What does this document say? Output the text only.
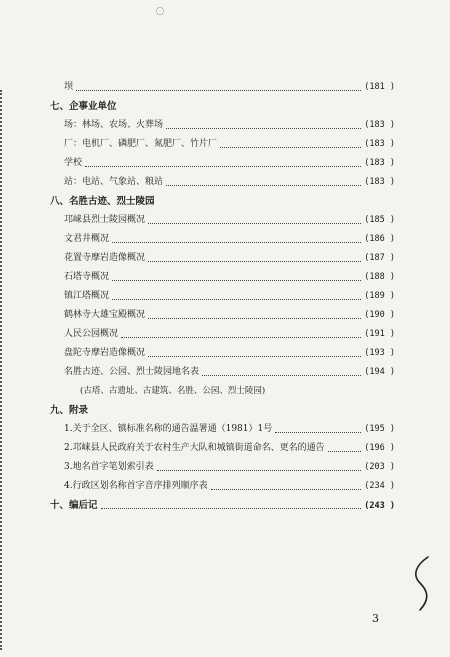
〇
坝	(181 )
七、企事业单位
场：林场、农场、火葬场	(183 )
厂：电机厂、磷肥厂、氮肥厂、竹片厂	(183 )
学校	(183 )
站：电站、气象站、粮站	(183 )
八、名胜古迹、烈士陵园
邛崃县烈士陵园概况	(185 )
文君井概况	(186 )
花置寺摩岩造像概况	(187 )
石塔寺概况	(188 )
镇江塔概况	(189 )
鹤林寺大雄宝殿概况	(190 )
人民公园概况	(191 )
盘陀寺摩岩造像概况	(193 )
名胜古迹、公园、烈士陵园地名表	(194 )
(古塔、古遗址、古建筑、名胜、公园、烈士陵园)
九、附录
1.关于全区、镇标准名称的通告温署通（1981）1号	(195 )
2.邛崃县人民政府关于农村生产大队和城镇街道命名、更名的通告	(196 )
3.地名首字笔划索引表	(203 )
4.行政区划名称首字音序排列顺序表	(234 )
十、编后记	(243 )
3
